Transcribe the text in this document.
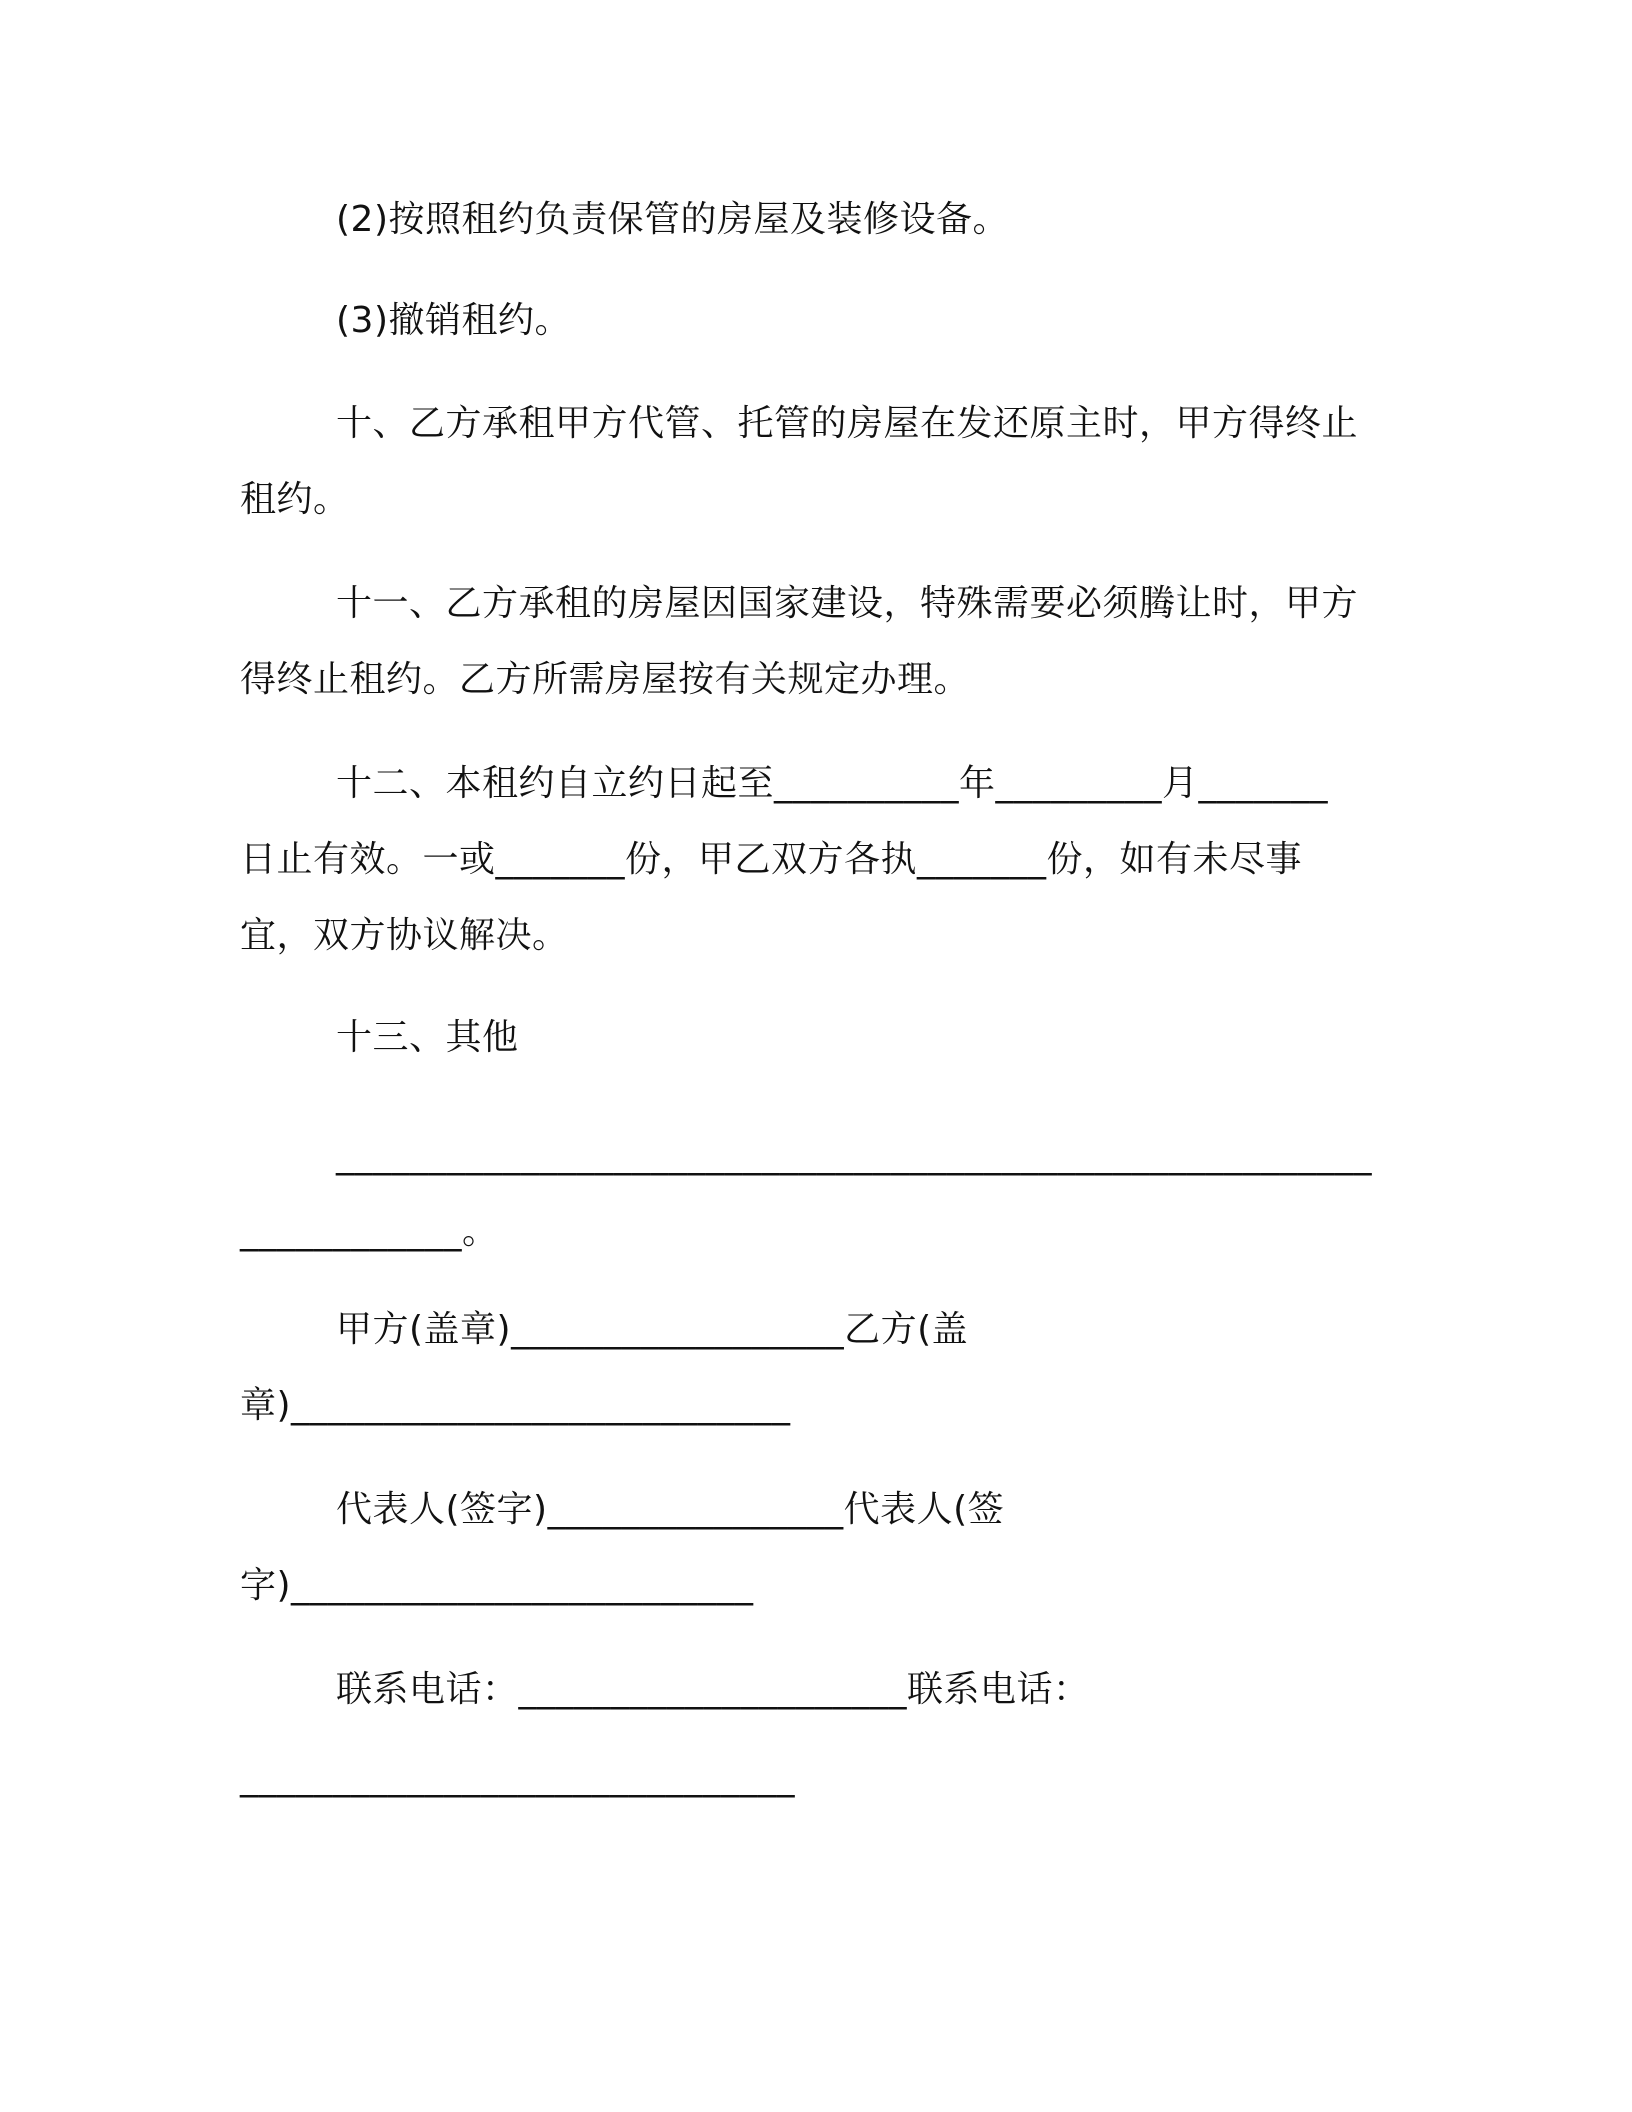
(2)按照租约负责保管的房屋及装修设备。
(3)撤销租约。
十、乙方承租甲方代管、托管的房屋在发还原主时，甲方得终止
租约。
十一、乙方承租的房屋因国家建设，特殊需要必须腾让时，甲方
得终止租约。乙方所需房屋按有关规定办理。
十二、本租约自立约日起至__________年_________月_______
日止有效。一或_______份，甲乙双方各执_______份，如有未尽事
宜，双方协议解决。
十三、其他
________________________________________________________
____________。
甲方(盖章)__________________乙方(盖
章)___________________________
代表人(签字)________________代表人(签
字)_________________________
联系电话：_____________________联系电话：
______________________________
